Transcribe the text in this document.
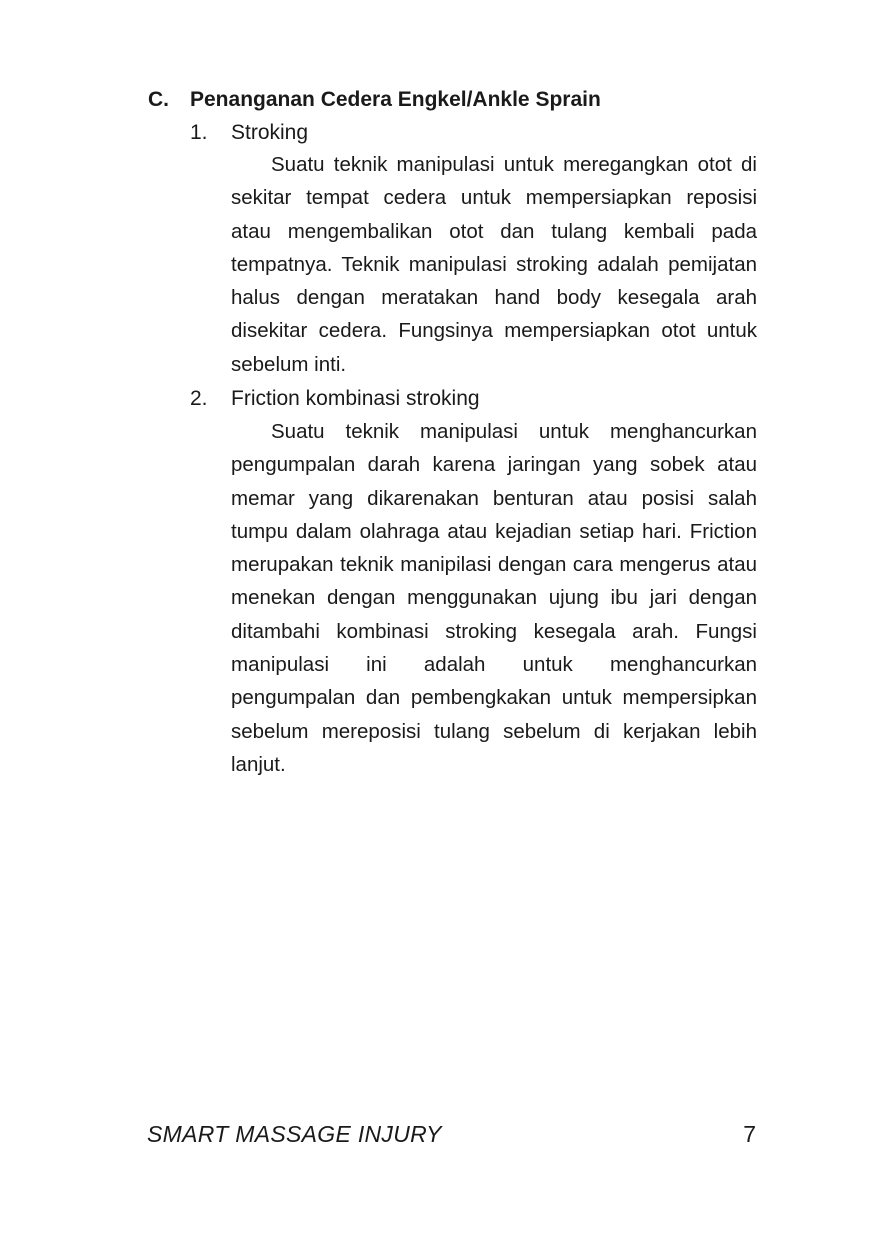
C. Penanganan Cedera Engkel/Ankle Sprain
1. Stroking

Suatu teknik manipulasi untuk meregangkan otot di sekitar tempat cedera untuk mempersiapkan reposisi atau mengembalikan otot dan tulang kembali pada tempatnya. Teknik manipulasi stroking adalah pemijatan halus dengan meratakan hand body kesegala arah disekitar cedera. Fungsinya mempersiapkan otot untuk sebelum inti.

2. Friction kombinasi stroking

Suatu teknik manipulasi untuk menghancurkan pengumpalan darah karena jaringan yang sobek atau memar yang dikarenakan benturan atau posisi salah tumpu dalam olahraga atau kejadian setiap hari. Friction merupakan teknik manipilasi dengan cara mengerus atau menekan dengan menggunakan ujung ibu jari dengan ditambahi kombinasi stroking kesegala arah. Fungsi manipulasi ini adalah untuk menghancurkan pengumpalan dan pembengkakan untuk mempersipkan sebelum mereposisi tulang sebelum di kerjakan lebih lanjut.

SMART MASSAGE INJURY	7
